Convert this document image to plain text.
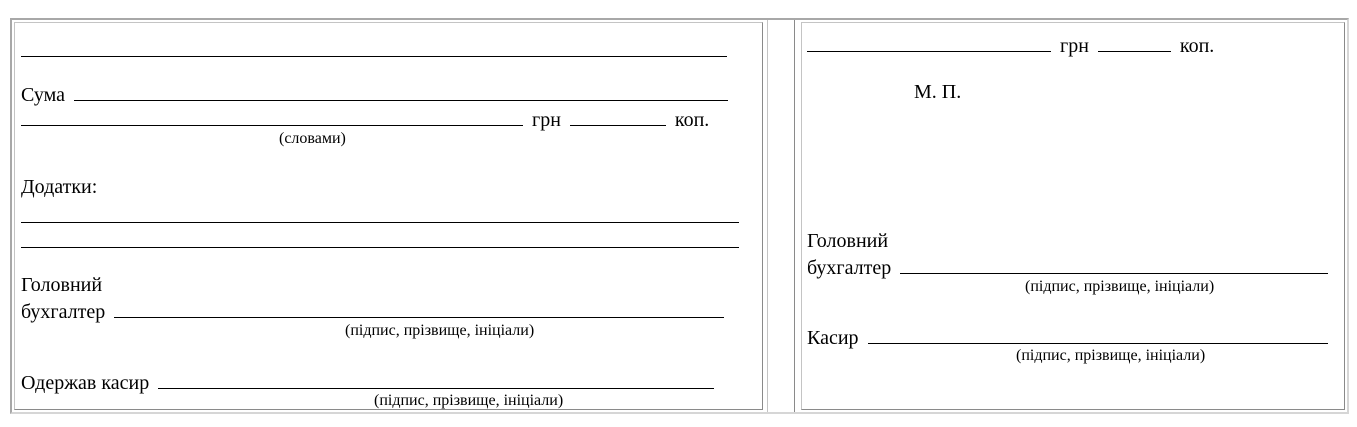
Сума
грн	коп.
(словами)
Додатки:
Головний
бухгалтер
(підпис, прізвище, ініціали)
Одержав касир
(підпис, прізвище, ініціали)
грн	коп.
М. П.
Головний
бухгалтер
(підпис, прізвище, ініціали)
Касир
(підпис, прізвище, ініціали)
